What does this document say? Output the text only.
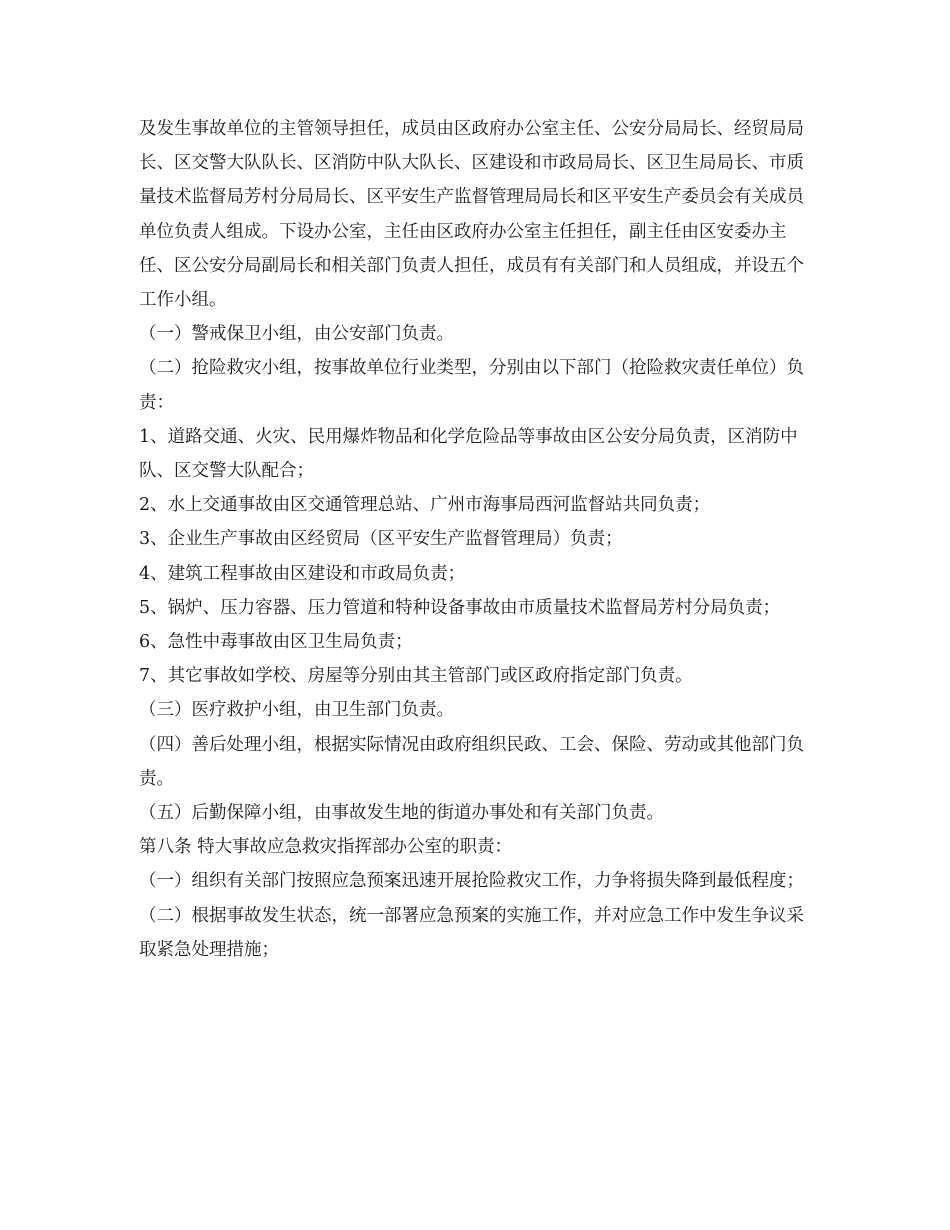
及发生事故单位的主管领导担任，成员由区政府办公室主任、公安分局局长、经贸局局长、区交警大队队长、区消防中队大队长、区建设和市政局局长、区卫生局局长、市质量技术监督局芳村分局局长、区平安生产监督管理局局长和区平安生产委员会有关成员单位负责人组成。下设办公室，主任由区政府办公室主任担任，副主任由区安委办主任、区公安分局副局长和相关部门负责人担任，成员有有关部门和人员组成，并设五个工作小组。

（一）警戒保卫小组，由公安部门负责。

（二）抢险救灾小组，按事故单位行业类型，分别由以下部门（抢险救灾责任单位）负责：

1、道路交通、火灾、民用爆炸物品和化学危险品等事故由区公安分局负责，区消防中队、区交警大队配合；

2、水上交通事故由区交通管理总站、广州市海事局西河监督站共同负责；

3、企业生产事故由区经贸局（区平安生产监督管理局）负责；

4、建筑工程事故由区建设和市政局负责；

5、锅炉、压力容器、压力管道和特种设备事故由市质量技术监督局芳村分局负责；

6、急性中毒事故由区卫生局负责；

7、其它事故如学校、房屋等分别由其主管部门或区政府指定部门负责。

（三）医疗救护小组，由卫生部门负责。

（四）善后处理小组，根据实际情况由政府组织民政、工会、保险、劳动或其他部门负责。

（五）后勤保障小组，由事故发生地的街道办事处和有关部门负责。

第八条 特大事故应急救灾指挥部办公室的职责：

（一）组织有关部门按照应急预案迅速开展抢险救灾工作，力争将损失降到最低程度；

（二）根据事故发生状态，统一部署应急预案的实施工作，并对应急工作中发生争议采取紧急处理措施；
